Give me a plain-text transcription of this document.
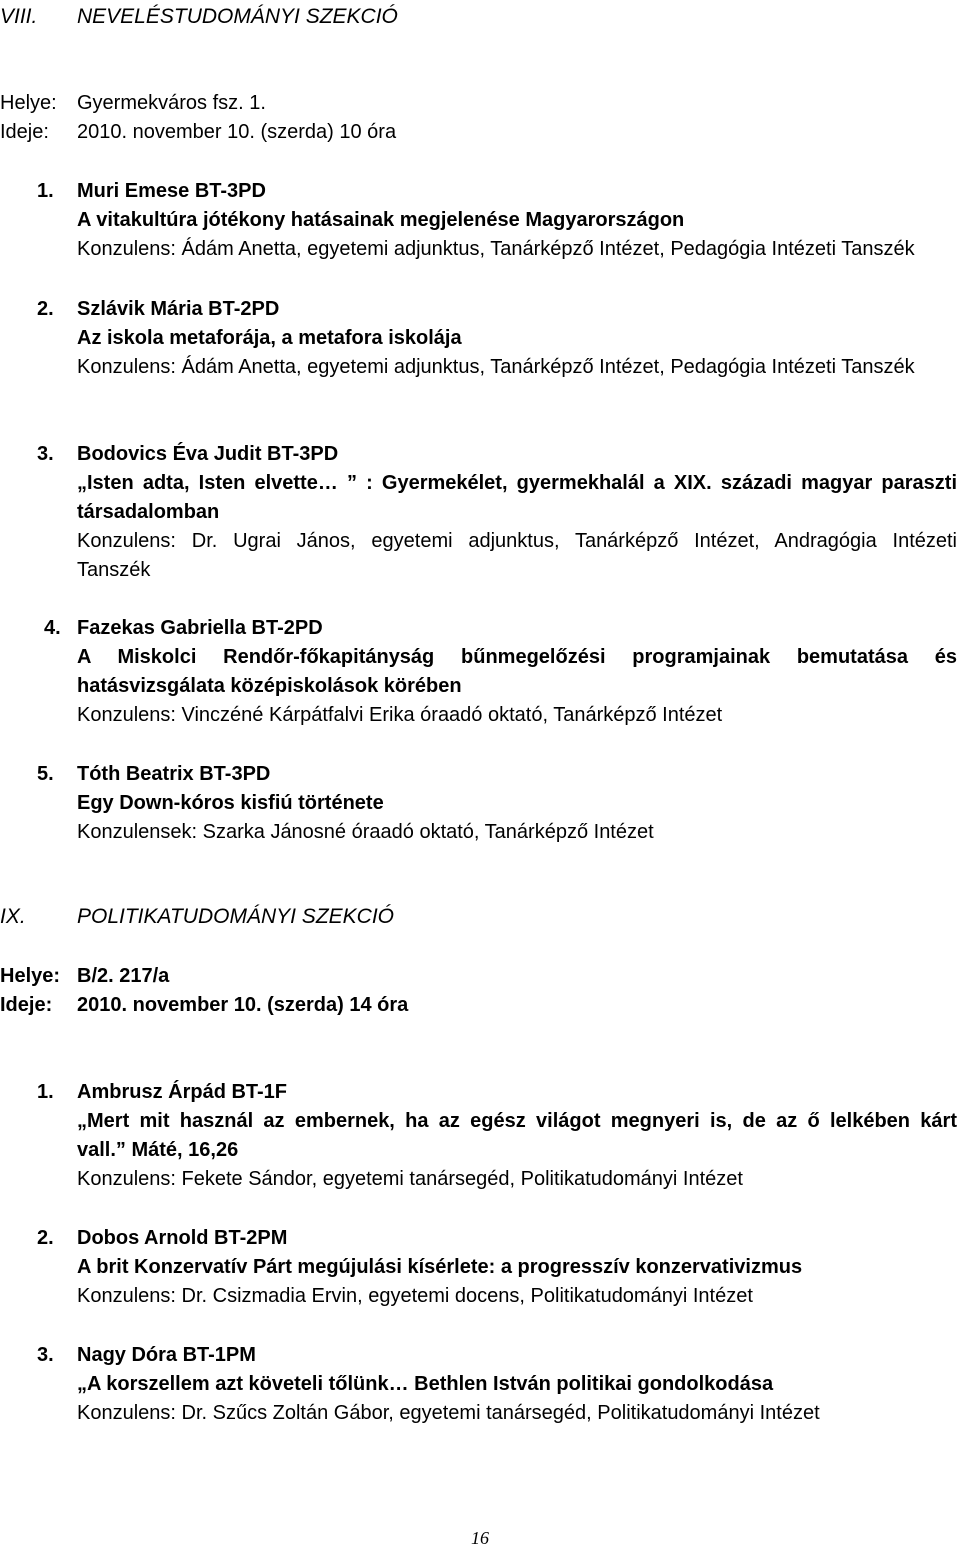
VIII. NEVELÉSTUDOMÁNYI SZEKCIÓ
Helye: Gyermekváros fsz. 1.
Ideje: 2010. november 10. (szerda) 10 óra
1. Muri Emese BT-3PD
A vitakultúra jótékony hatásainak megjelenése Magyarországon
Konzulens: Ádám Anetta, egyetemi adjunktus, Tanárképző Intézet, Pedagógia Intézeti Tanszék
2. Szlávik Mária BT-2PD
Az iskola metaforája, a metafora iskolája
Konzulens: Ádám Anetta, egyetemi adjunktus, Tanárképző Intézet, Pedagógia Intézeti Tanszék
3. Bodovics Éva Judit BT-3PD
„Isten adta, Isten elvette… ” : Gyermekélet, gyermekhalál a XIX. századi magyar paraszti
társadalomban
Konzulens: Dr. Ugrai János, egyetemi adjunktus, Tanárképző Intézet, Andragógia Intézeti
Tanszék
4. Fazekas Gabriella BT-2PD
A Miskolci Rendőr-főkapitányság bűnmegelőzési programjainak bemutatása és
hatásvizsgálata középiskolások körében
Konzulens: Vinczéné Kárpátfalvi Erika óraadó oktató, Tanárképző Intézet
5. Tóth Beatrix BT-3PD
Egy Down-kóros kisfiú története
Konzulensek: Szarka Jánosné óraadó oktató, Tanárképző Intézet
IX. POLITIKATUDOMÁNYI SZEKCIÓ
Helye: B/2. 217/a
Ideje: 2010. november 10. (szerda) 14 óra
1. Ambrusz Árpád BT-1F
„Mert mit használ az embernek, ha az egész világot megnyeri is, de az ő lelkében kárt
vall.” Máté, 16,26
Konzulens: Fekete Sándor, egyetemi tanársegéd, Politikatudományi Intézet
2. Dobos Arnold BT-2PM
A brit Konzervatív Párt megújulási kísérlete: a progresszív konzervativizmus
Konzulens: Dr. Csizmadia Ervin, egyetemi docens, Politikatudományi Intézet
3. Nagy Dóra BT-1PM
„A korszellem azt követeli tőlünk… Bethlen István politikai gondolkodása
Konzulens: Dr. Szűcs Zoltán Gábor, egyetemi tanársegéd, Politikatudományi Intézet
16
